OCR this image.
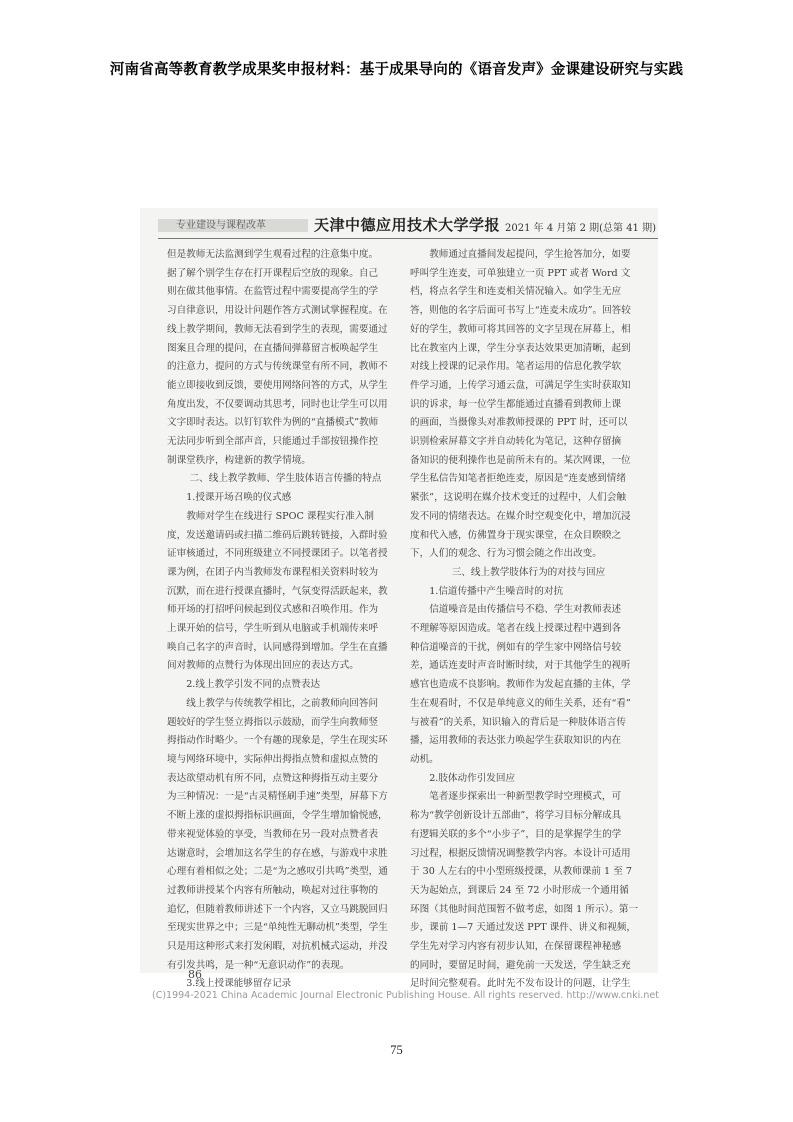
河南省高等教育教学成果奖申报材料：基于成果导向的《语音发声》金课建设研究与实践
专业建设与课程改革	天津中德应用技术大学学报 2021 年 4 月第 2 期(总第 41 期)

但是教师无法监测到学生观看过程的注意集中度。

据了解个别学生存在打开课程后空放的现象。自己

则在做其他事情。在监管过程中需要提高学生的学

习自律意识，用设计问题作答方式测试掌握程度。在

线上教学期间，教师无法看到学生的表现，需要通过

图案且合理的提问，在直播间弹幕留言板唤起学生

的注意力，提问的方式与传统课堂有所不同，教师不

能立即接收到反馈，要使用网络问答的方式，从学生

角度出发，不仅要调动其思考，同时也让学生可以用

文字即时表达。以钉钉软件为例的“直播模式”教师

无法同步听到全部声音，只能通过手部按钮操作控

制课堂秩序，构建新的教学情境。

二、线上教学教师、学生肢体语言传播的特点

1.授课开场召唤的仪式感

教师对学生在线进行 SPOC 课程实行准入制

度，发送邀请码或扫描二维码后跳转链接，入群时验

证审核通过，不同班级建立不同授课团子。以笔者授

课为例，在团子内当教师发布课程相关资料时较为

沉默，而在进行授课直播时，气氛变得活跃起来，教

师开场的打招呼问候起到仪式感和召唤作用。作为

上课开始的信号，学生听到从电脑或手机端传来呼

唤自己名字的声音时，认同感得到增加。学生在直播

间对教师的点赞行为体现出回应的表达方式。

2.线上教学引发不同的点赞表达

线上教学与传统教学相比，之前教师向回答问

题较好的学生竖立拇指以示鼓励，而学生向教师竖

拇指动作时略少。一个有趣的现象是，学生在现实环

境与网络环境中，实际伸出拇指点赞和虚拟点赞的

表达欲望动机有所不同，点赞这种拇指互动主要分

为三种情况：一是“古灵精怪刷手速”类型，屏幕下方

不断上涨的虚拟拇指标识画面，令学生增加愉悦感，

带来视觉体验的享受，当教师在另一段对点赞者表

达谢意时，会增加这名学生的存在感，与游戏中求胜

心理有着相似之处；二是“为之感叹引共鸣”类型，通

过教师讲授某个内容有所触动，唤起对过往事物的

追忆，但随着教师讲述下一个内容，又立马跳脱回归

至现实世界之中；三是“单纯性无聊动机”类型，学生

只是用这种形式来打发闲暇，对抗机械式运动，并没

有引发共鸣，是一种“无意识动作”的表现。

3.线上授课能够留存记录

教师通过直播间发起提问，学生抢答加分，如要

呼叫学生连麦，可单独建立一页 PPT 或者 Word 文

档，将点名学生和连麦相关情况输入。如学生无应

答，则他的名字后面可书写上“连麦未成功”。回答较

好的学生，教师可将其回答的文字呈现在屏幕上，相

比在教室内上课，学生分享表达效果更加清晰，起到

对线上授课的记录作用。笔者运用的信息化教学软

件学习通，上传学习通云盘，可满足学生实时获取知

识的诉求，每一位学生都能通过直播看到教师上课

的画面，当摄像头对准教师授课的 PPT 时，还可以

识别检索屏幕文字并自动转化为笔记，这种存留摘

备知识的便利操作也是前所未有的。某次网课，一位

学生私信告知笔者拒绝连麦，原因是“连麦感到情绪

紧张”，这说明在媒介技术变迁的过程中，人们会触

发不同的情绪表达。在媒介时空观变化中，增加沉浸

度和代入感，仿佛置身于现实课堂，在众目睽睽之

下，人们的观念、行为习惯会随之作出改变。

三、线上教学肢体行为的对技与回应

1.信道传播中产生噪音时的对抗

信道噪音是由传播信号不稳、学生对教师表述

不理解等原因造成。笔者在线上授课过程中遇到各

种信道噪音的干扰，例如有的学生家中网络信号较

差，通话连麦时声音时断时续，对于其他学生的视听

感官也造成不良影响。教师作为发起直播的主体，学

生在观看时，不仅是单纯意义的师生关系，还有“看”

与被看”的关系，知识输入的背后是一种肢体语言传

播，运用教师的表达张力唤起学生获取知识的内在

动机。

2.肢体动作引发回应

笔者逐步探索出一种新型教学时空理模式，可

称为“教学创新设计五部曲”，将学习目标分解成具

有逻辑关联的多个“小步子”，目的是掌握学生的学

习过程，根据反馈情况调整教学内容。本设计可适用

于 30 人左右的中小型班级授课，从教师课前 1 至 7

天为起始点，到课后 24 至 72 小时形成一个通用循

环图（其他时间范围暂不做考虑，如图 1 所示）。第一

步，课前 1—7 天通过发送 PPT 课件、讲义和视频，

学生先对学习内容有初步认知，在保留课程神秘感

的同时，要留足时间，避免前一天发送，学生缺乏充

足时间完整观看。此时先不发布设计的问题，让学生

86
(C)1994-2021 China Academic Journal Electronic Publishing House. All rights reserved. http://www.cnki.net
75
